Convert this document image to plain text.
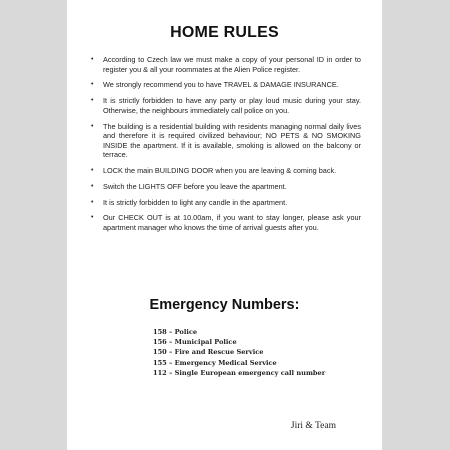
HOME RULES
•	According to Czech law we must make a copy of your personal ID in order to register you & all your roommates at the Alien Police register.
•	We strongly recommend you to have TRAVEL & DAMAGE INSURANCE.
•	It is strictly forbidden to have any party or play loud music during your stay. Otherwise, the neighbours immediately call police on you.
•	The building is a residential building with residents managing normal daily lives and therefore it is required civilized behaviour; NO PETS & NO SMOKING INSIDE the apartment. If it is available, smoking is allowed on the balcony or terrace.
•	LOCK the main BUILDING DOOR when you are leaving & coming back.
•	Switch the LIGHTS OFF before you leave the apartment.
•	It is strictly forbidden to light any candle in the apartment.
•	Our CHECK OUT is at 10.00am, if you want to stay longer, please ask your apartment manager who knows the time of arrival guests after you.
Emergency Numbers:
158 – Police
156 – Municipal Police
150 – Fire and Rescue Service
155 – Emergency Medical Service
112 – Single European emergency call number
Jiri & Team
